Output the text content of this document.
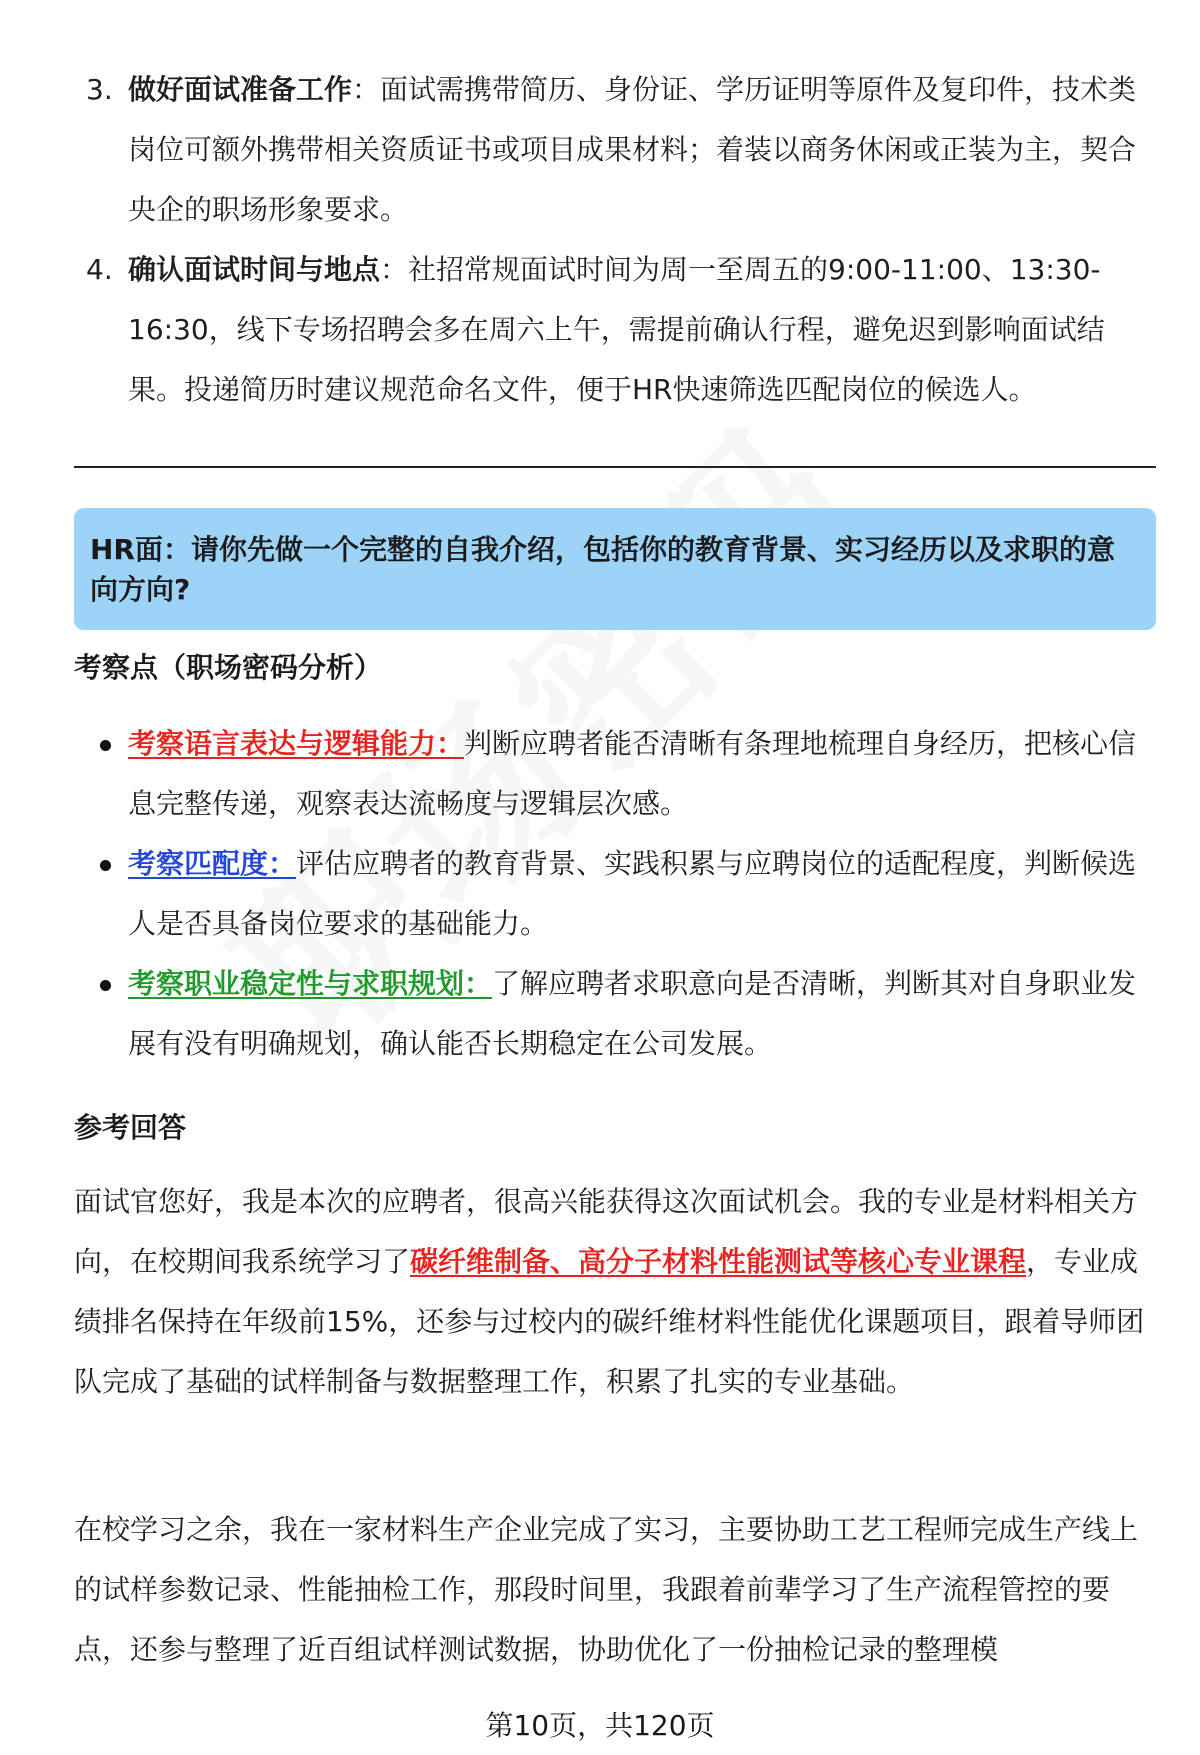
3. 做好面试准备工作：面试需携带简历、身份证、学历证明等原件及复印件，技术类岗位可额外携带相关资质证书或项目成果材料；着装以商务休闲或正装为主，契合央企的职场形象要求。
4. 确认面试时间与地点：社招常规面试时间为周一至周五的9:00-11:00、13:30-16:30，线下专场招聘会多在周六上午，需提前确认行程，避免迟到影响面试结果。投递简历时建议规范命名文件，便于HR快速筛选匹配岗位的候选人。
HR面：请你先做一个完整的自我介绍，包括你的教育背景、实习经历以及求职的意向方向?
考察点（职场密码分析）
考察语言表达与逻辑能力：判断应聘者能否清晰有条理地梳理自身经历，把核心信息完整传递，观察表达流畅度与逻辑层次感。
考察匹配度：评估应聘者的教育背景、实践积累与应聘岗位的适配程度，判断候选人是否具备岗位要求的基础能力。
考察职业稳定性与求职规划：了解应聘者求职意向是否清晰，判断其对自身职业发展有没有明确规划，确认能否长期稳定在公司发展。
参考回答

面试官您好，我是本次的应聘者，很高兴能获得这次面试机会。我的专业是材料相关方向，在校期间我系统学习了碳纤维制备、高分子材料性能测试等核心专业课程，专业成绩排名保持在年级前15%，还参与过校内的碳纤维材料性能优化课题项目，跟着导师团队完成了基础的试样制备与数据整理工作，积累了扎实的专业基础。

在校学习之余，我在一家材料生产企业完成了实习，主要协助工艺工程师完成生产线上的试样参数记录、性能抽检工作，那段时间里，我跟着前辈学习了生产流程管控的要点，还参与整理了近百组试样测试数据，协助优化了一份抽检记录的整理模

第10页，共120页
